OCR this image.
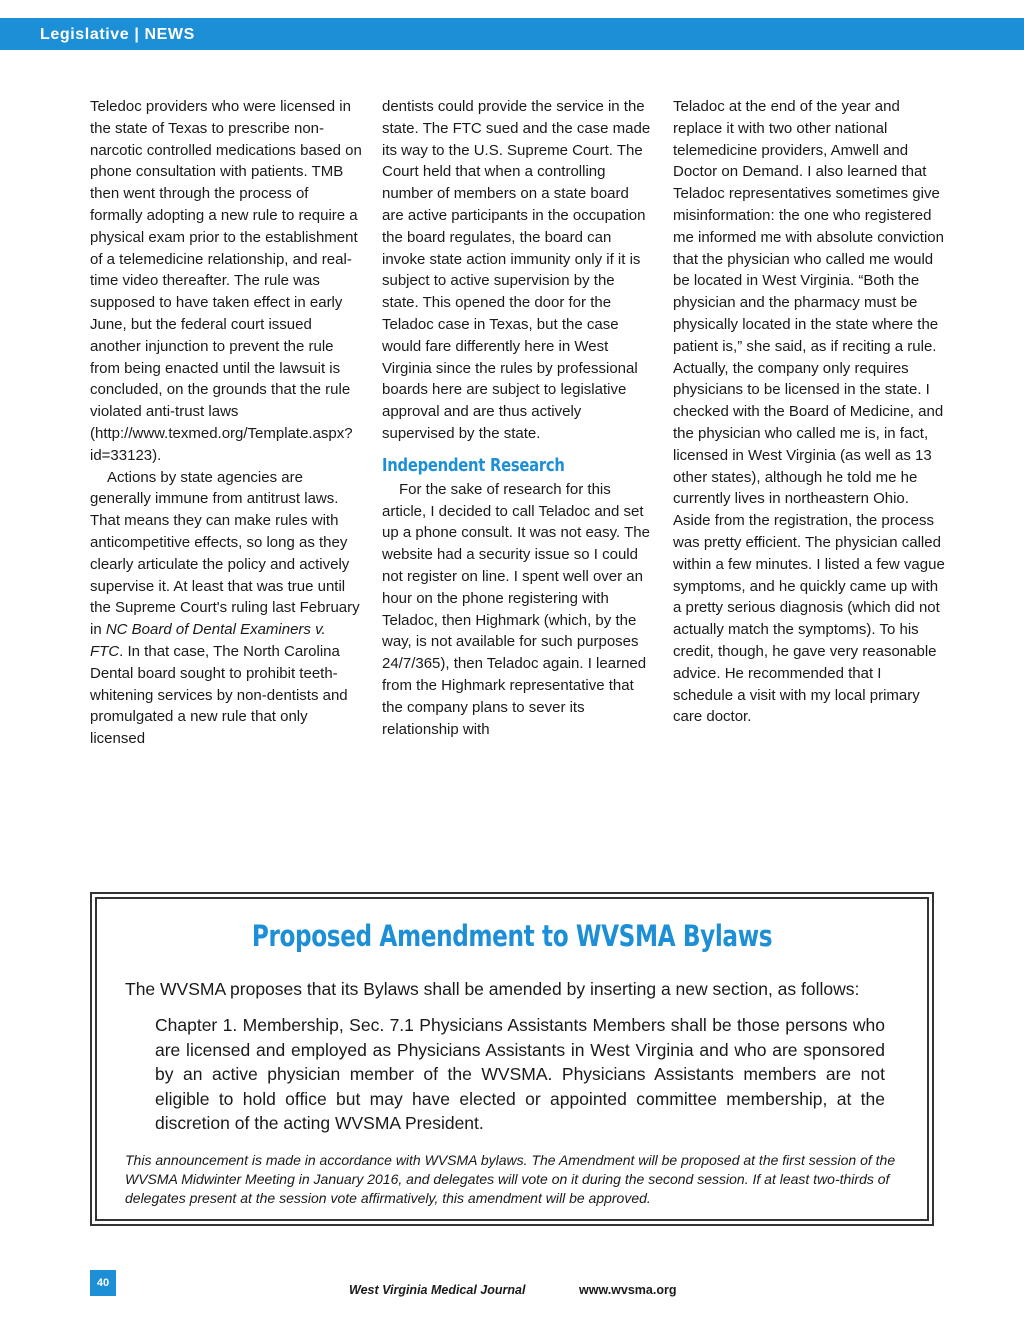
Legislative | NEWS

Teledoc providers who were licensed in the state of Texas to prescribe non-narcotic controlled medications based on phone consultation with patients. TMB then went through the process of formally adopting a new rule to require a physical exam prior to the establishment of a telemedicine relationship, and real-time video thereafter. The rule was supposed to have taken effect in early June, but the federal court issued another injunction to prevent the rule from being enacted until the lawsuit is concluded, on the grounds that the rule violated anti-trust laws (http://www.texmed.org/Template.aspx?id=33123).

Actions by state agencies are generally immune from antitrust laws. That means they can make rules with anticompetitive effects, so long as they clearly articulate the policy and actively supervise it. At least that was true until the Supreme Court's ruling last February in NC Board of Dental Examiners v. FTC. In that case, The North Carolina Dental board sought to prohibit teeth-whitening services by non-dentists and promulgated a new rule that only licensed

dentists could provide the service in the state. The FTC sued and the case made its way to the U.S. Supreme Court. The Court held that when a controlling number of members on a state board are active participants in the occupation the board regulates, the board can invoke state action immunity only if it is subject to active supervision by the state. This opened the door for the Teladoc case in Texas, but the case would fare differently here in West Virginia since the rules by professional boards here are subject to legislative approval and are thus actively supervised by the state.

Independent Research

For the sake of research for this article, I decided to call Teladoc and set up a phone consult. It was not easy. The website had a security issue so I could not register on line. I spent well over an hour on the phone registering with Teladoc, then Highmark (which, by the way, is not available for such purposes 24/7/365), then Teladoc again. I learned from the Highmark representative that the company plans to sever its relationship with

Teladoc at the end of the year and replace it with two other national telemedicine providers, Amwell and Doctor on Demand. I also learned that Teladoc representatives sometimes give misinformation: the one who registered me informed me with absolute conviction that the physician who called me would be located in West Virginia. “Both the physician and the pharmacy must be physically located in the state where the patient is,” she said, as if reciting a rule. Actually, the company only requires physicians to be licensed in the state. I checked with the Board of Medicine, and the physician who called me is, in fact, licensed in West Virginia (as well as 13 other states), although he told me he currently lives in northeastern Ohio. Aside from the registration, the process was pretty efficient. The physician called within a few minutes. I listed a few vague symptoms, and he quickly came up with a pretty serious diagnosis (which did not actually match the symptoms). To his credit, though, he gave very reasonable advice. He recommended that I schedule a visit with my local primary care doctor.

Proposed Amendment to WVSMA Bylaws
The WVSMA proposes that its Bylaws shall be amended by inserting a new section, as follows:
Chapter 1. Membership, Sec. 7.1 Physicians Assistants Members shall be those persons who are licensed and employed as Physicians Assistants in West Virginia and who are sponsored by an active physician member of the WVSMA. Physicians Assistants members are not eligible to hold office but may have elected or appointed committee membership, at the discretion of the acting WVSMA President.
This announcement is made in accordance with WVSMA bylaws. The Amendment will be proposed at the first session of the WVSMA Midwinter Meeting in January 2016, and delegates will vote on it during the second session. If at least two-thirds of delegates present at the session vote affirmatively, this amendment will be approved.
40	West Virginia Medical Journal	www.wvsma.org
